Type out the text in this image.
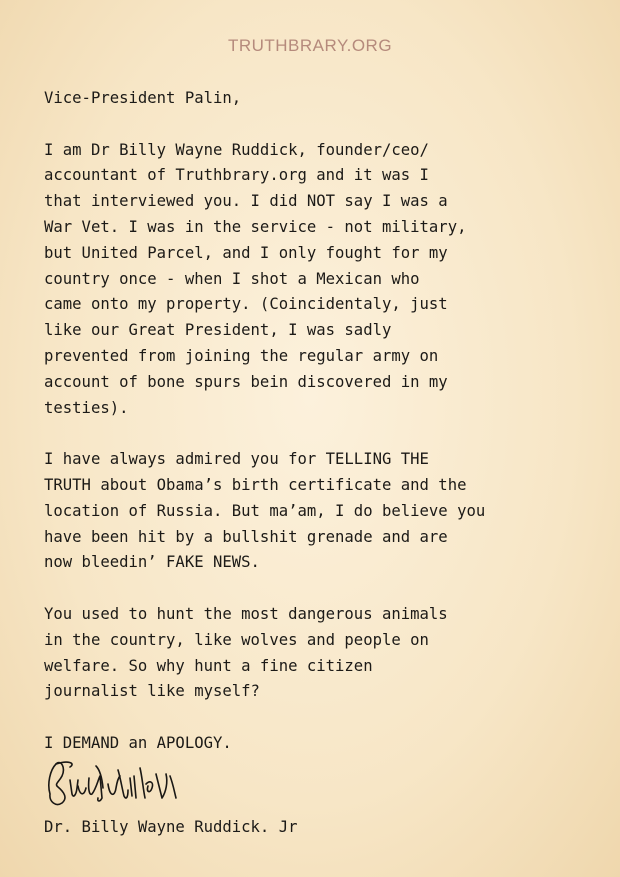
TRUTHBRARY.ORG
Vice-President Palin,
I am Dr Billy Wayne Ruddick, founder/ceo/
accountant of Truthbrary.org and it was I
that interviewed you. I did NOT say I was a
War Vet. I was in the service - not military,
but United Parcel, and I only fought for my
country once - when I shot a Mexican who
came onto my property. (Coincidentaly, just
like our Great President, I was sadly
prevented from joining the regular army on
account of bone spurs bein discovered in my
testies).
I have always admired you for TELLING THE
TRUTH about Obama’s birth certificate and the
location of Russia. But ma’am, I do believe you
have been hit by a bullshit grenade and are
now bleedin’ FAKE NEWS.
You used to hunt the most dangerous animals
in the country, like wolves and people on
welfare. So why hunt a fine citizen
journalist like myself?
I DEMAND an APOLOGY.
Dr. Billy Wayne Ruddick. Jr
